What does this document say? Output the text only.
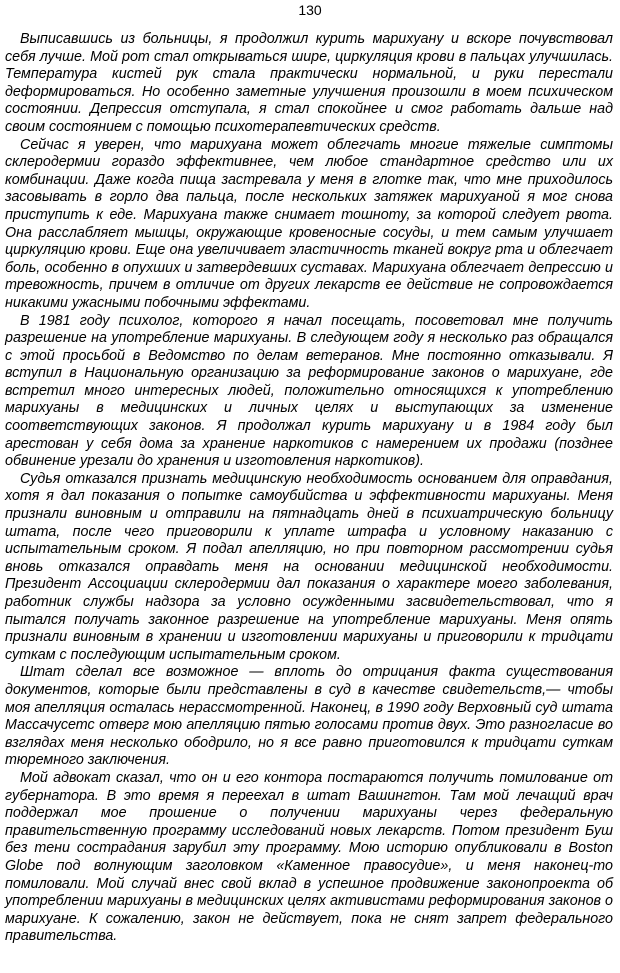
130

Выписавшись из больницы, я продолжил курить марихуану и вскоре почувствовал себя лучше. Мой рот стал открываться шире, циркуляция крови в пальцах улучшилась. Температура кистей рук стала практически нормальной, и руки перестали деформироваться. Но особенно заметные улучшения произошли в моем психическом состоянии. Депрессия отступала, я стал спокойнее и смог работать дальше над своим состоянием с помощью психотерапевтических средств.

Сейчас я уверен, что марихуана может облегчать многие тяжелые симптомы склеродермии гораздо эффективнее, чем любое стандартное средство или их комбинации. Даже когда пища застревала у меня в глотке так, что мне приходилось засовывать в горло два пальца, после нескольких затяжек марихуаной я мог снова приступить к еде. Марихуана также снимает тошноту, за которой следует рвота. Она расслабляет мышцы, окружающие кровеносные сосуды, и тем самым улучшает циркуляцию крови. Еще она увеличивает эластичность тканей вокруг рта и облегчает боль, особенно в опухших и затвердевших суставах. Марихуана облегчает депрессию и тревожность, причем в отличие от других лекарств ее действие не сопровождается никакими ужасными побочными эффектами.

В 1981 году психолог, которого я начал посещать, посоветовал мне получить разрешение на употребление марихуаны. В следующем году я несколько раз обращался с этой просьбой в Ведомство по делам ветеранов. Мне постоянно отказывали. Я вступил в Национальную организацию за реформирование законов о марихуане, где встретил много интересных людей, положительно относящихся к употреблению марихуаны в медицинских и личных целях и выступающих за изменение соответствующих законов. Я продолжал курить марихуану и в 1984 году был арестован у себя дома за хранение наркотиков с намерением их продажи (позднее обвинение урезали до хранения и изготовления наркотиков).

Судья отказался признать медицинскую необходимость основанием для оправдания, хотя я дал показания о попытке самоубийства и эффективности марихуаны. Меня признали виновным и отправили на пятнадцать дней в психиатрическую больницу штата, после чего приговорили к уплате штрафа и условному наказанию с испытательным сроком. Я подал апелляцию, но при повторном рассмотрении судья вновь отказался оправдать меня на основании медицинской необходимости. Президент Ассоциации склеродермии дал показания о характере моего заболевания, работник службы надзора за условно осужденными засвидетельствовал, что я пытался получать законное разрешение на употребление марихуаны. Меня опять признали виновным в хранении и изготовлении марихуаны и приговорили к тридцати суткам с последующим испытательным сроком.

Штат сделал все возможное — вплоть до отрицания факта существования документов, которые были представлены в суд в качестве свидетельств,— чтобы моя апелляция осталась нерассмотренной. Наконец, в 1990 году Верховный суд штата Массачусетс отверг мою апелляцию пятью голосами против двух. Это разногласие во взглядах меня несколько ободрило, но я все равно приготовился к тридцати суткам тюремного заключения.

Мой адвокат сказал, что он и его контора постараются получить помилование от губернатора. В это время я переехал в штат Вашингтон. Там мой лечащий врач поддержал мое прошение о получении марихуаны через федеральную правительственную программу исследований новых лекарств. Потом президент Буш без тени сострадания зарубил эту программу. Мою историю опубликовали в Boston Globe под волнующим заголовком «Каменное правосудие», и меня наконец-то помиловали. Мой случай внес свой вклад в успешное продвижение законопроекта об употреблении марихуаны в медицинских целях активистами реформирования законов о марихуане. К сожалению, закон не действует, пока не снят запрет федерального правительства.
